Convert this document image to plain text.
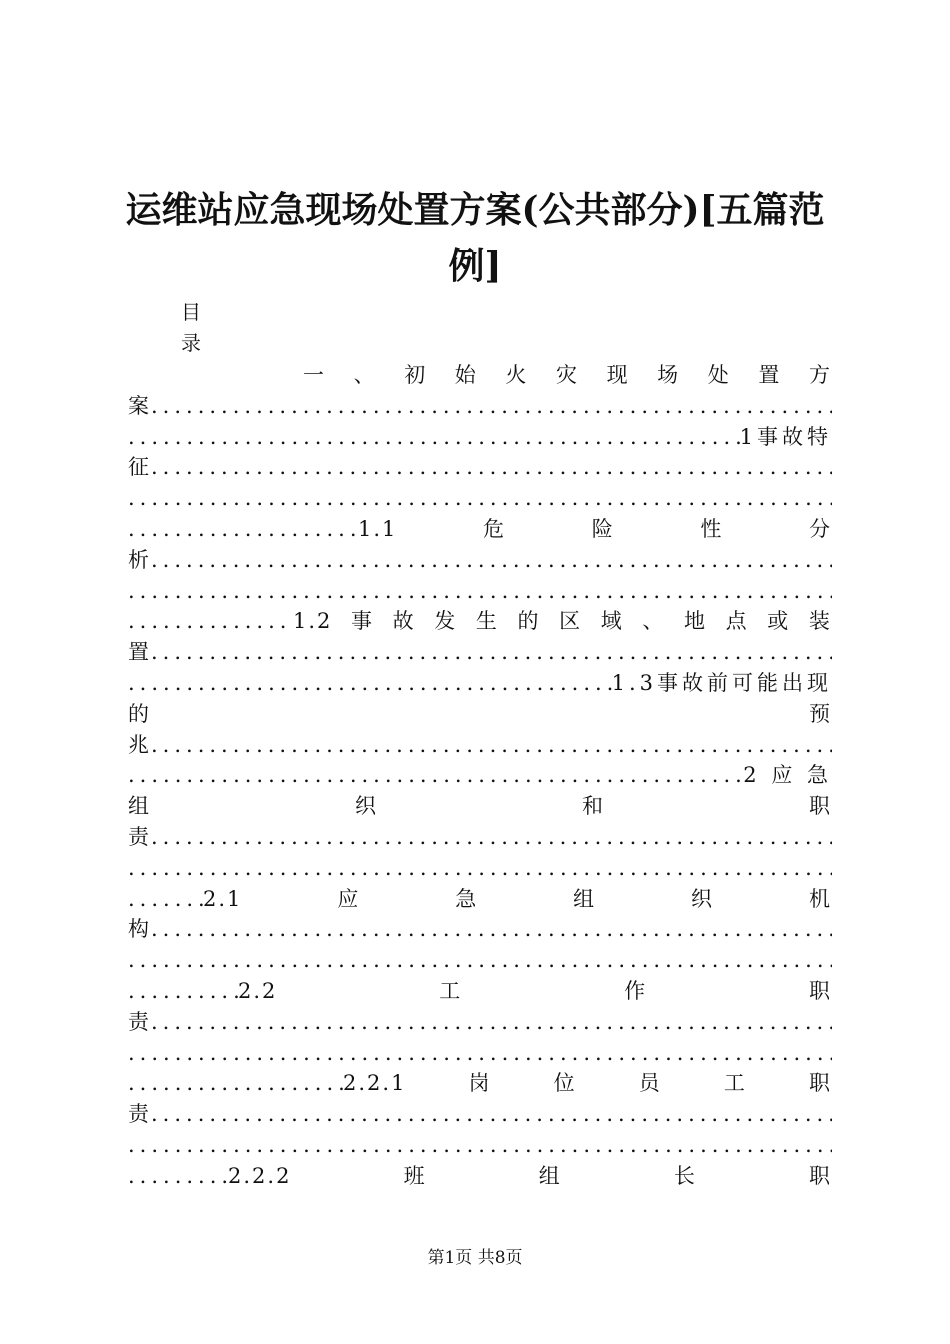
运维站应急现场处置方案(公共部分)[五篇范
例]
目
录
一 、 初 始 火 灾 现 场 处 置 方
案
.....
.....
1事故特
征
.....
.....
.....
1.1	危	险	性	分
析
.....
.....
.....
1.2 事 故 发 生 的 区 域 、 地 点 或 装
置
.....
.....
1.3事故前可能出现
的	预
兆
.....
.....
2 应 急
组	织	和	职
责
.....
.....
.....
2.1	应	急	组	织	机
构
.....
.....
.....
2.2	工	作	职
责
.....
.....
.....
2.2.1	岗	位	员	工	职
责
.....
.....
.....
2.2.2	班	组	长	职
第1页 共8页
